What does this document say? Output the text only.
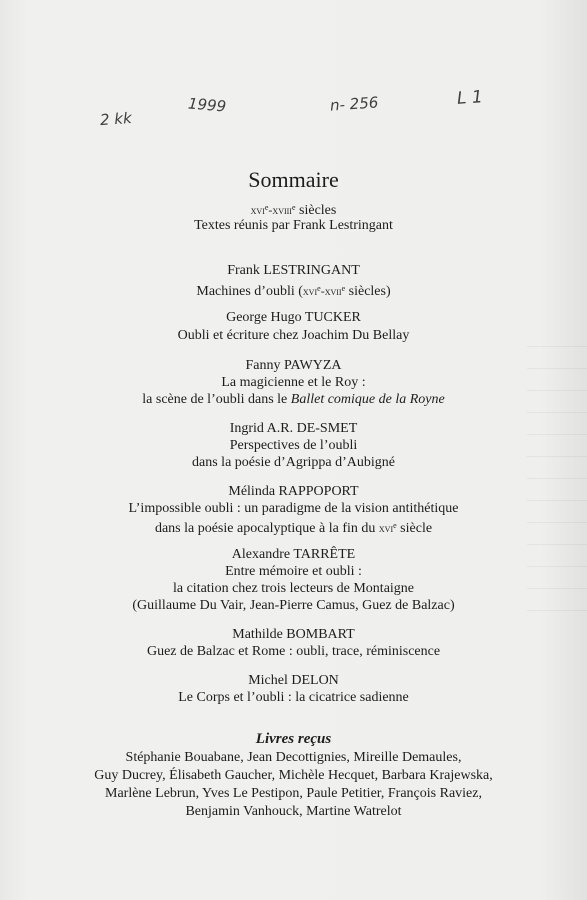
2 kk
1999	n- 256	L 1
Sommaire
xvi$^e$-xviii$^e$ siècles
Textes réunis par Frank Lestringant
Frank LESTRINGANT
Machines d’oubli (xvi$^e$-xvii$^e$ siècles)
George Hugo TUCKER
Oubli et écriture chez Joachim Du Bellay
Fanny PAWYZA
La magicienne et le Roy :
la scène de l’oubli dans le Ballet comique de la Royne
Ingrid A.R. DE-SMET
Perspectives de l’oubli
dans la poésie d’Agrippa d’Aubigné
Mélinda RAPPOPORT
L’impossible oubli : un paradigme de la vision antithétique
dans la poésie apocalyptique à la fin du xvi$^e$ siècle
Alexandre TARRÊTE
Entre mémoire et oubli :
la citation chez trois lecteurs de Montaigne
(Guillaume Du Vair, Jean-Pierre Camus, Guez de Balzac)
Mathilde BOMBART
Guez de Balzac et Rome : oubli, trace, réminiscence
Michel DELON
Le Corps et l’oubli : la cicatrice sadienne
Livres reçus
Stéphanie Bouabane, Jean Decottignies, Mireille Demaules,
Guy Ducrey, Élisabeth Gaucher, Michèle Hecquet, Barbara Krajewska,
Marlène Lebrun, Yves Le Pestipon, Paule Petitier, François Raviez,
Benjamin Vanhouck, Martine Watrelot
